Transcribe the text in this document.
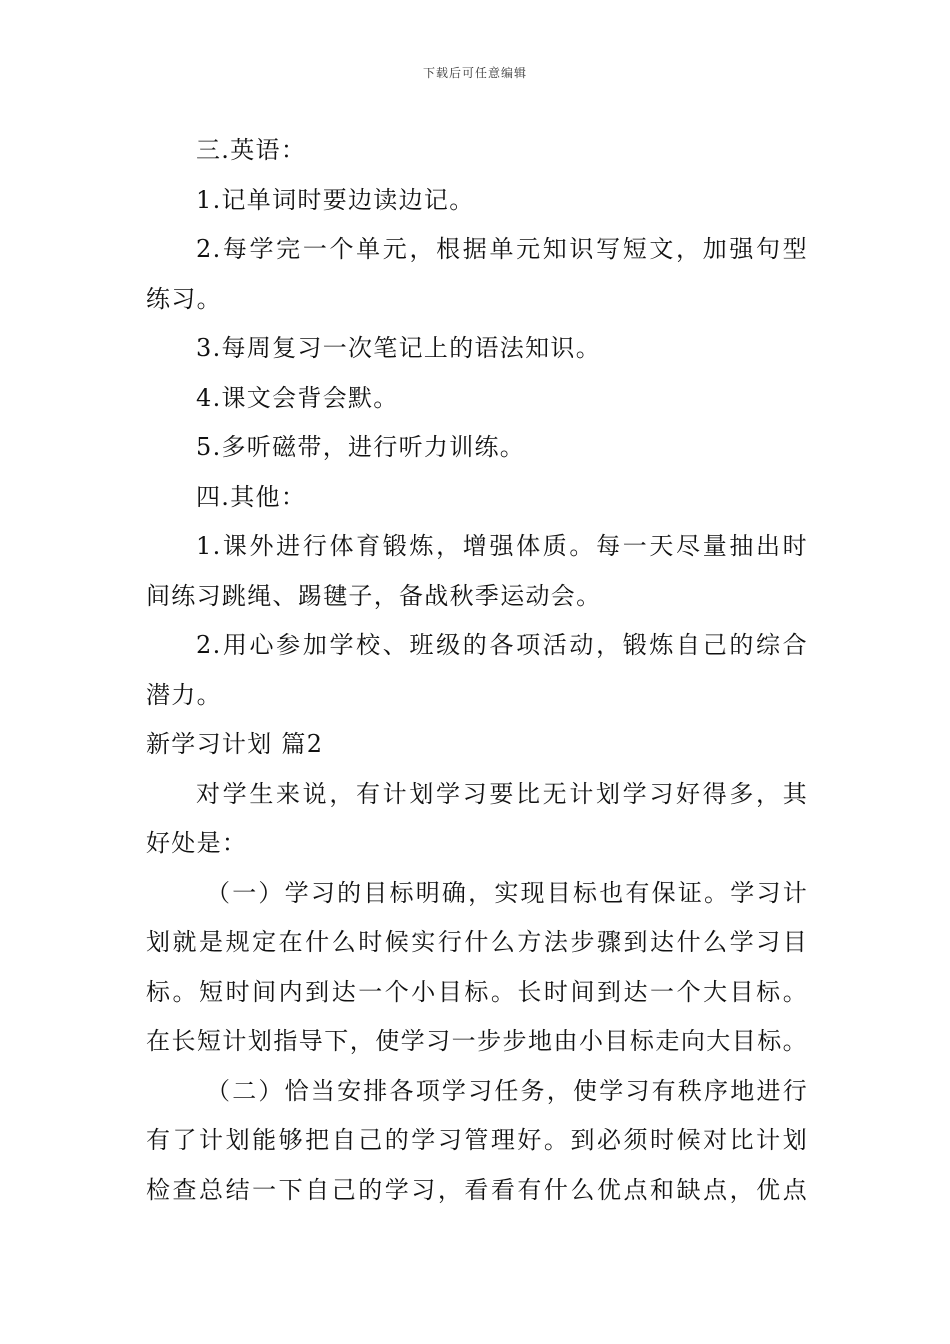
下载后可任意编辑
三.英语：
1.记单词时要边读边记。
2.每学完一个单元，根据单元知识写短文，加强句型
练习。
3.每周复习一次笔记上的语法知识。
4.课文会背会默。
5.多听磁带，进行听力训练。
四.其他：
1.课外进行体育锻炼，增强体质。每一天尽量抽出时
间练习跳绳、踢毽子，备战秋季运动会。
2.用心参加学校、班级的各项活动，锻炼自己的综合
潜力。
新学习计划 篇2
对学生来说，有计划学习要比无计划学习好得多，其
好处是：
（一）学习的目标明确，实现目标也有保证。学习计
划就是规定在什么时候实行什么方法步骤到达什么学习目
标。短时间内到达一个小目标。长时间到达一个大目标。
在长短计划指导下，使学习一步步地由小目标走向大目标。
（二）恰当安排各项学习任务，使学习有秩序地进行
有了计划能够把自己的学习管理好。到必须时候对比计划
检查总结一下自己的学习，看看有什么优点和缺点，优点
